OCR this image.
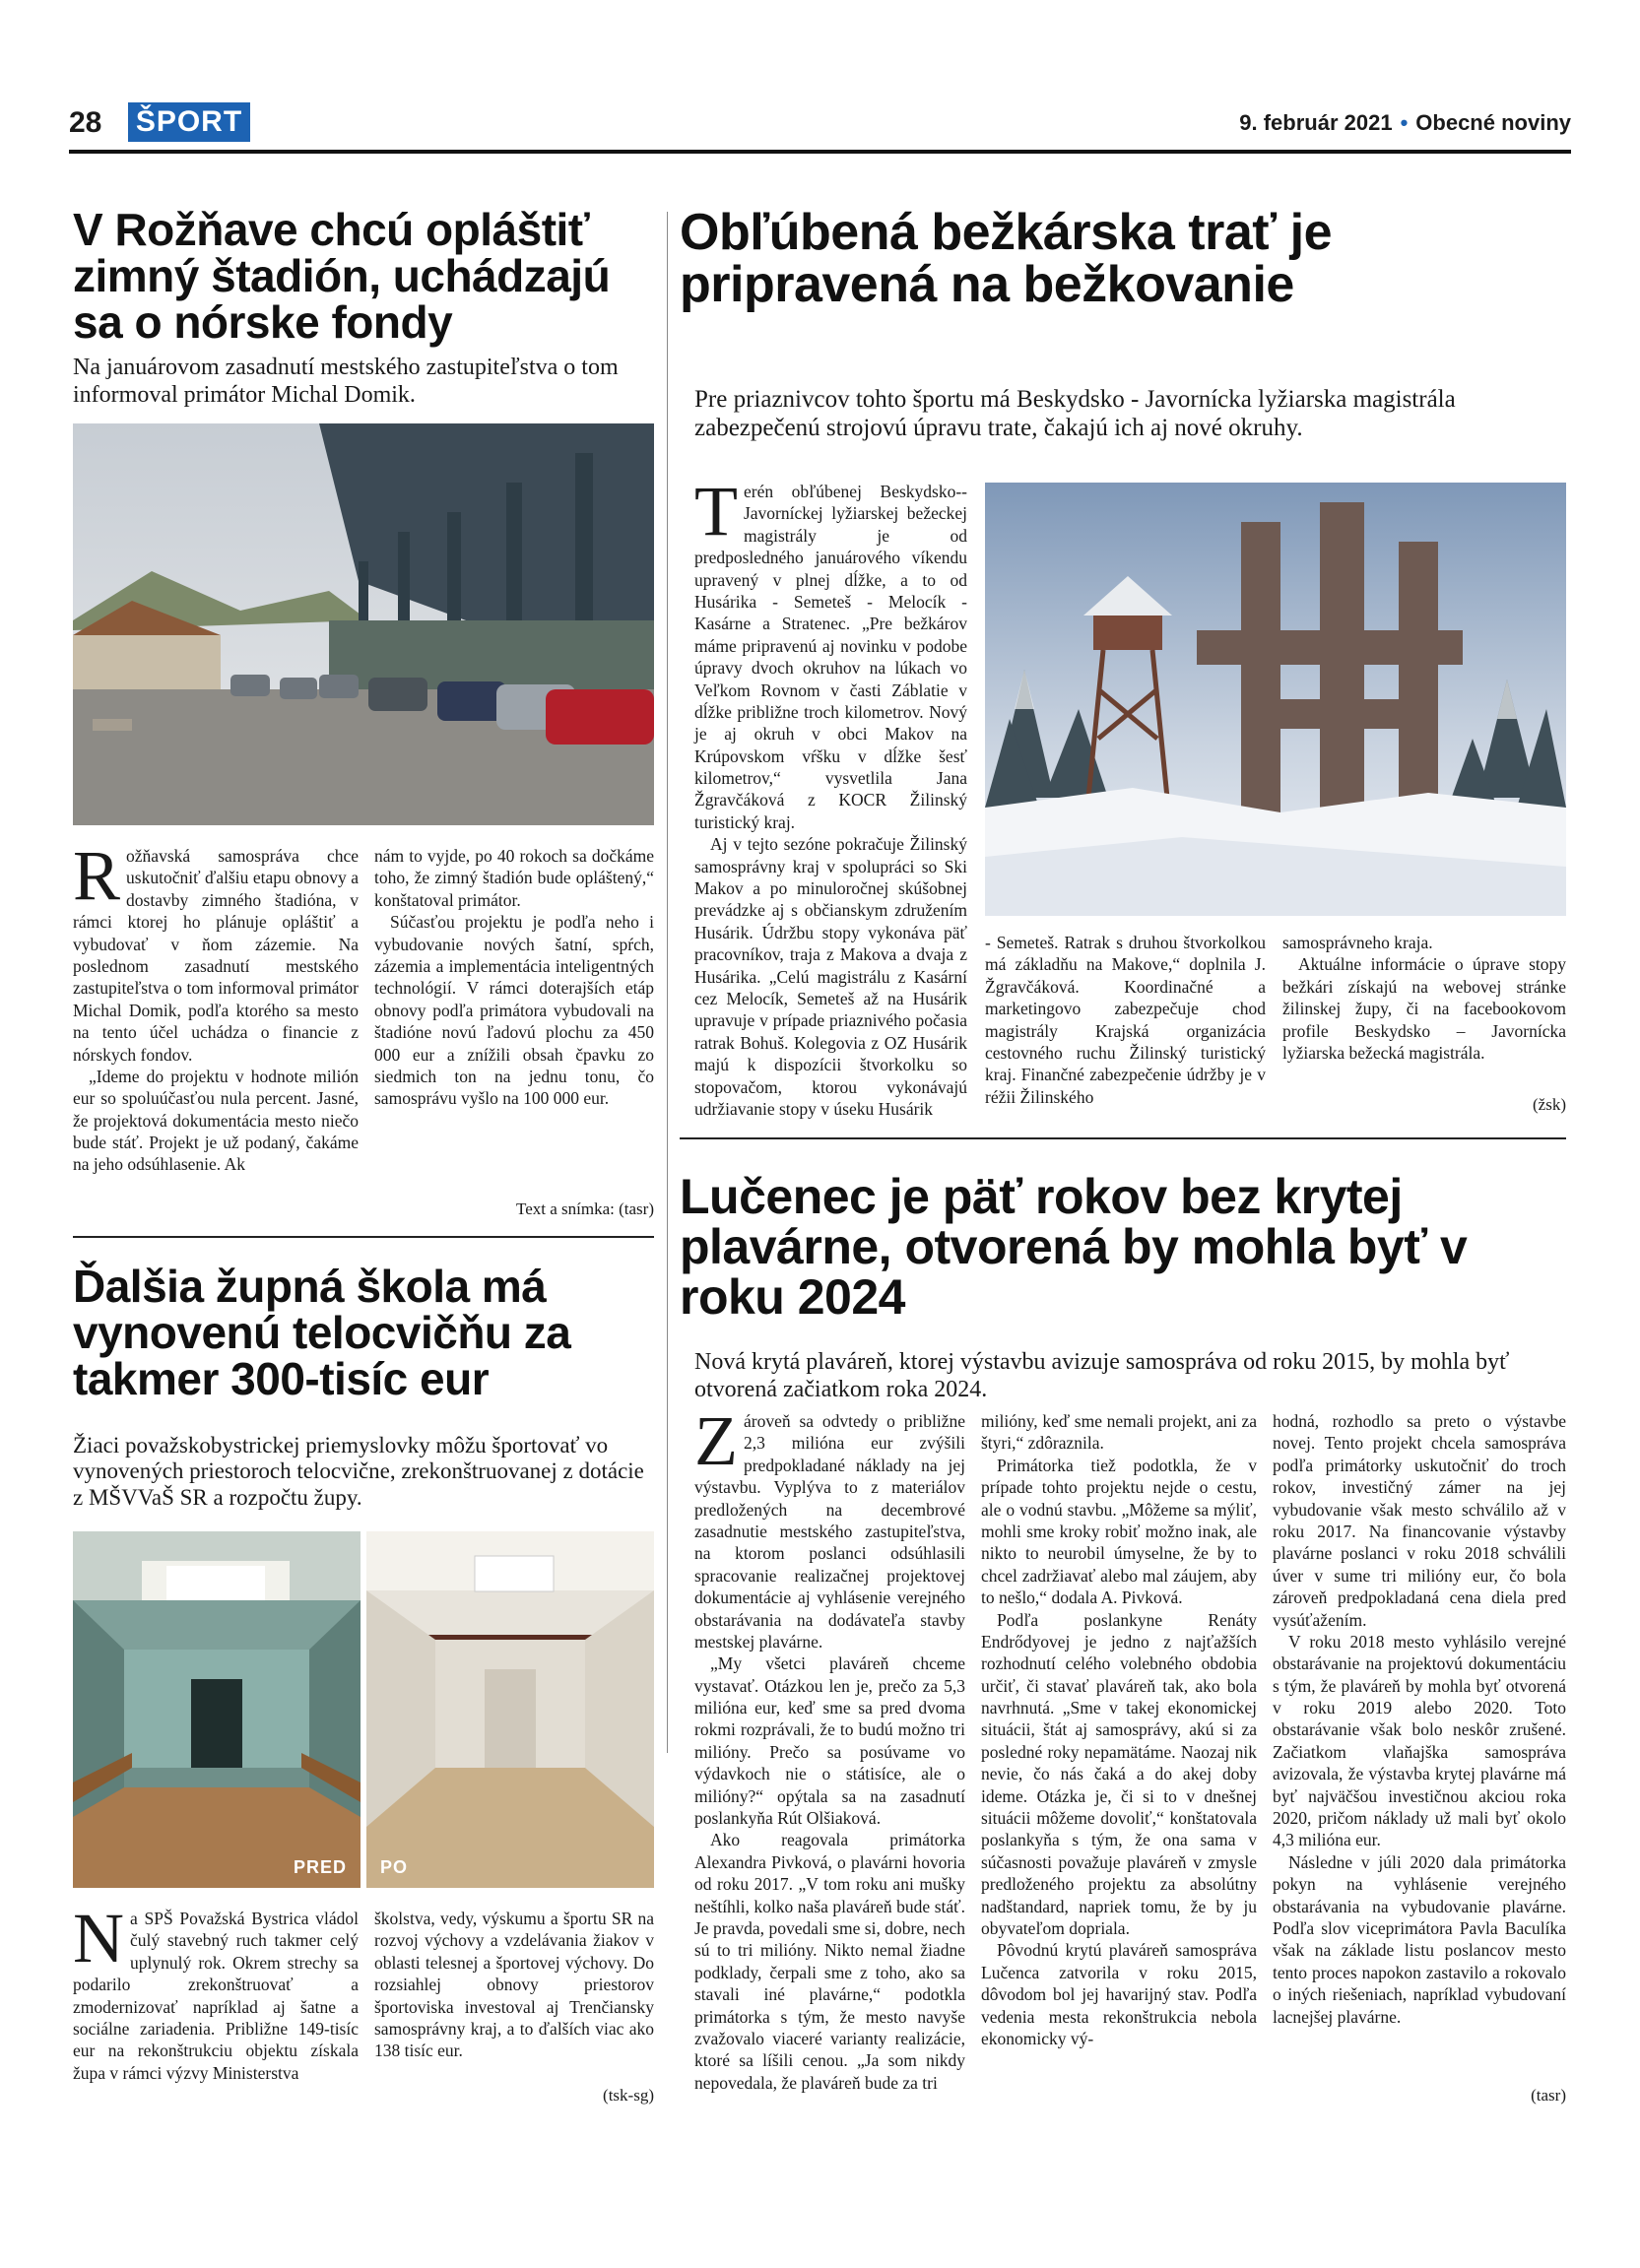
28 ŠPORT	9. február 2021 • Obecné noviny
V Rožňave chcú opláštiť zimný štadión, uchádzajú sa o nórske fondy
Na januárovom zasadnutí mestského zastupiteľstva o tom informoval primátor Michal Domik.

Rožňavská samospráva chce uskutočniť ďalšiu etapu obnovy a dostavby zimného štadióna, v rámci ktorej ho plánuje opláštiť a vybudovať v ňom zázemie. Na poslednom zasadnutí mestského zastupiteľstva o tom informoval primátor Michal Domik, podľa ktorého sa mesto na tento účel uchádza o financie z nórskych fondov.

„Ideme do projektu v hodnote milión eur so spoluúčasťou nula percent. Jasné, že projektová dokumentácia mesto niečo bude stáť. Projekt je už podaný, čakáme na jeho odsúhlasenie. Ak

nám to vyjde, po 40 rokoch sa dočkáme toho, že zimný štadión bude opláštený,“ konštatoval primátor.

Súčasťou projektu je podľa neho i vybudovanie nových šatní, spŕch, zázemia a implementácia inteligentných technológií. V rámci doterajších etáp obnovy podľa primátora vybudovali na štadióne novú ľadovú plochu za 450 000 eur a znížili obsah čpavku zo siedmich ton na jednu tonu, čo samosprávu vyšlo na 100 000 eur.

Text a snímka: (tasr)
Ďalšia župná škola má vynovenú telocvičňu za takmer 300-tisíc eur
Žiaci považskobystrickej priemyslovky môžu športovať vo vynovených priestoroch telocvične, zrekonštruovanej z dotácie z MŠVVaŠ SR a rozpočtu župy.
PRED PO

Na SPŠ Považská Bystrica vládol čulý stavebný ruch takmer celý uplynulý rok. Okrem strechy sa podarilo zrekonštruovať a zmodernizovať napríklad aj šatne a sociálne zariadenia. Približne 149-tisíc eur na rekonštrukciu objektu získala župa v rámci výzvy Ministerstva

školstva, vedy, výskumu a športu SR na rozvoj výchovy a vzdelávania žiakov v oblasti telesnej a športovej výchovy. Do rozsiahlej obnovy priestorov športoviska investoval aj Trenčiansky samosprávny kraj, a to ďalších viac ako 138 tisíc eur.

(tsk-sg)
Obľúbená bežkárska trať je pripravená na bežkovanie
Pre priaznivcov tohto športu má Beskydsko - Javornícka lyžiarska magistrála zabezpečenú strojovú úpravu trate, čakajú ich aj nové okruhy.

Terén obľúbenej Beskydsko--Javorníckej lyžiarskej bežeckej magistrály je od predposledného januárového víkendu upravený v plnej dĺžke, a to od Husárika - Semeteš - Melocík - Kasárne a Stratenec. „Pre bežkárov máme pripravenú aj novinku v podobe úpravy dvoch okruhov na lúkach vo Veľkom Rovnom v časti Záblatie v dĺžke približne troch kilometrov. Nový je aj okruh v obci Makov na Krúpovskom vŕšku v dĺžke šesť kilometrov,“ vysvetlila Jana Žgravčáková z KOCR Žilinský turistický kraj.

Aj v tejto sezóne pokračuje Žilinský samosprávny kraj v spolupráci so Ski Makov a po minuloročnej skúšobnej prevádzke aj s občianskym združením Husárik. Údržbu stopy vykonáva päť pracovníkov, traja z Makova a dvaja z Husárika. „Celú magistrálu z Kasární cez Melocík, Semeteš až na Husárik upravuje v prípade priaznivého počasia ratrak Bohuš. Kolegovia z OZ Husárik majú k dispozícii štvorkolku so stopovačom, ktorou vykonávajú udržiavanie stopy v úseku Husárik

- Semeteš. Ratrak s druhou štvorkolkou má základňu na Makove,“ doplnila J. Žgravčáková. Koordinačné a marketingovo zabezpečuje chod magistrály Krajská organizácia cestovného ruchu Žilinský turistický kraj. Finančné zabezpečenie údržby je v réžii Žilinského

samosprávneho kraja.

Aktuálne informácie o úprave stopy bežkári získajú na webovej stránke žilinskej župy, či na facebookovom profile Beskydsko – Javornícka lyžiarska bežecká magistrála.

(žsk)
Lučenec je päť rokov bez krytej plavárne, otvorená by mohla byť v roku 2024
Nová krytá plaváreň, ktorej výstavbu avizuje samospráva od roku 2015, by mohla byť otvorená začiatkom roka 2024.

Zároveň sa odvtedy o približne 2,3 milióna eur zvýšili predpokladané náklady na jej výstavbu. Vyplýva to z materiálov predložených na decembrové zasadnutie mestského zastupiteľstva, na ktorom poslanci odsúhlasili spracovanie realizačnej projektovej dokumentácie aj vyhlásenie verejného obstarávania na dodávateľa stavby mestskej plavárne.

„My všetci plaváreň chceme vystavať. Otázkou len je, prečo za 5,3 milióna eur, keď sme sa pred dvoma rokmi rozprávali, že to budú možno tri milióny. Prečo sa posúvame vo výdavkoch nie o státisíce, ale o milióny?“ opýtala sa na zasadnutí poslankyňa Rút Olšiaková.

Ako reagovala primátorka Alexandra Pivková, o plavárni hovoria od roku 2017. „V tom roku ani mušky neštíhli, kolko naša plaváreň bude stáť. Je pravda, povedali sme si, dobre, nech sú to tri milióny. Nikto nemal žiadne podklady, čerpali sme z toho, ako sa stavali iné plavárne,“ podotkla primátorka s tým, že mesto navyše zvažovalo viaceré varianty realizácie, ktoré sa líšili cenou. „Ja som nikdy nepovedala, že plaváreň bude za tri

milióny, keď sme nemali projekt, ani za štyri,“ zdôraznila.

Primátorka tiež podotkla, že v prípade tohto projektu nejde o cestu, ale o vodnú stavbu. „Môžeme sa mýliť, mohli sme kroky robiť možno inak, ale nikto to neurobil úmyselne, že by to chcel zadržiavať alebo mal záujem, aby to nešlo,“ dodala A. Pivková.

Podľa poslankyne Renáty Endrődyovej je jedno z najťažších rozhodnutí celého volebného obdobia určiť, či stavať plaváreň tak, ako bola navrhnutá. „Sme v takej ekonomickej situácii, štát aj samosprávy, akú si za posledné roky nepamätáme. Naozaj nik nevie, čo nás čaká a do akej doby ideme. Otázka je, či si to v dnešnej situácii môžeme dovoliť,“ konštatovala poslankyňa s tým, že ona sama v súčasnosti považuje plaváreň v zmysle predloženého projektu za absolútny nadštandard, napriek tomu, že by ju obyvateľom dopriala.

Pôvodnú krytú plaváreň samospráva Lučenca zatvorila v roku 2015, dôvodom bol jej havarijný stav. Podľa vedenia mesta rekonštrukcia nebola ekonomicky vý-

hodná, rozhodlo sa preto o výstavbe novej. Tento projekt chcela samospráva podľa primátorky uskutočniť do troch rokov, investičný zámer na jej vybudovanie však mesto schválilo až v roku 2017. Na financovanie výstavby plavárne poslanci v roku 2018 schválili úver v sume tri milióny eur, čo bola zároveň predpokladaná cena diela pred vysúťažením.

V roku 2018 mesto vyhlásilo verejné obstarávanie na projektovú dokumentáciu s tým, že plaváreň by mohla byť otvorená v roku 2019 alebo 2020. Toto obstarávanie však bolo neskôr zrušené. Začiatkom vlaňajška samospráva avizovala, že výstavba krytej plavárne má byť najväčšou investičnou akciou roka 2020, pričom náklady už mali byť okolo 4,3 milióna eur.

Následne v júli 2020 dala primátorka pokyn na vyhlásenie verejného obstarávania na vybudovanie plavárne. Podľa slov viceprimátora Pavla Baculíka však na základe listu poslancov mesto tento proces napokon zastavilo a rokovalo o iných riešeniach, napríklad vybudovaní lacnejšej plavárne.

(tasr)
